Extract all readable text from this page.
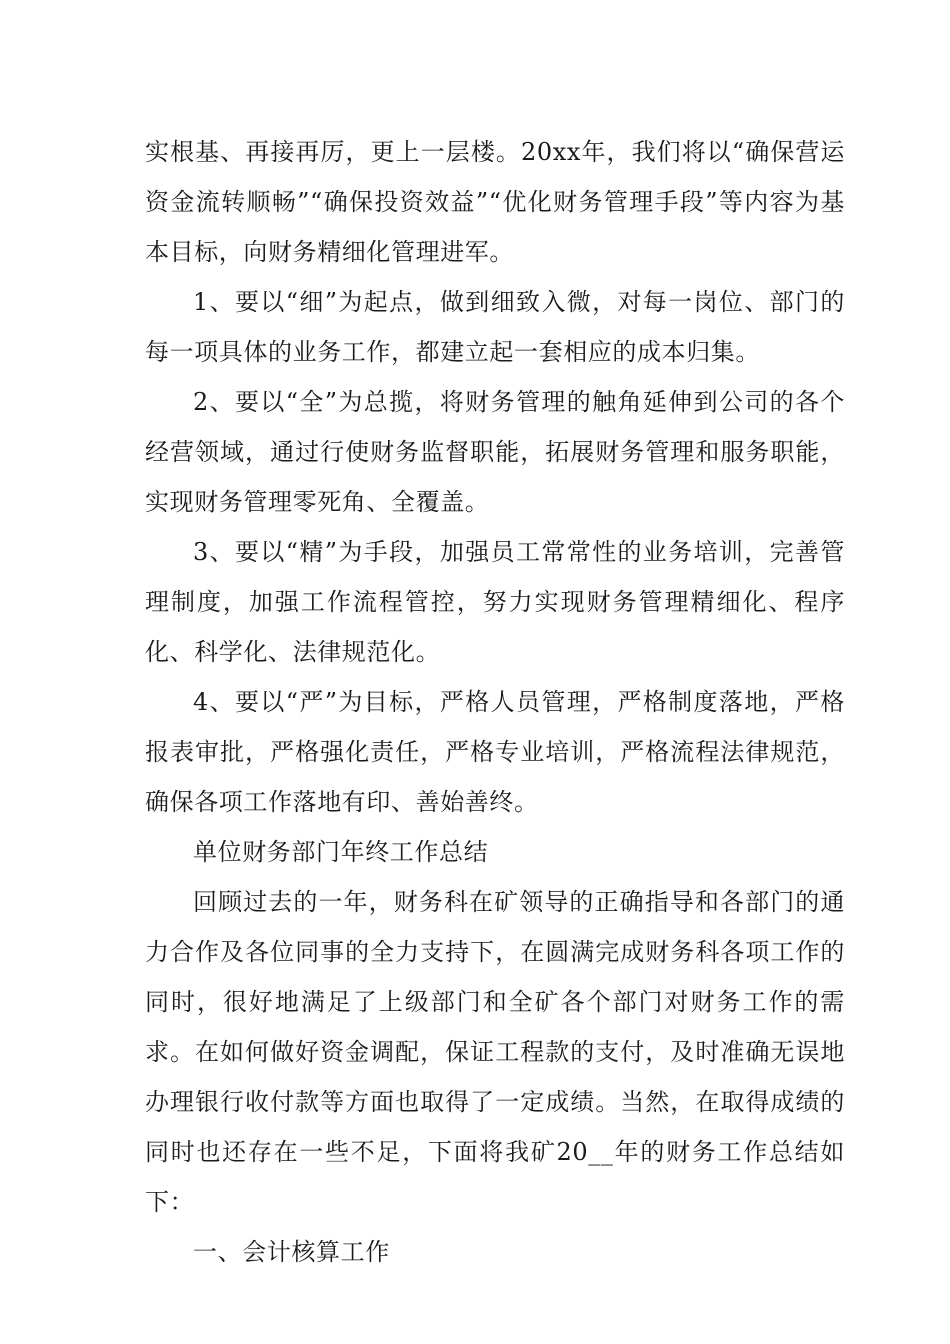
实根基、再接再厉，更上一层楼。20xx年，我们将以“确保营运资金流转顺畅”“确保投资效益”“优化财务管理手段”等内容为基本目标，向财务精细化管理进军。

1、要以“细”为起点，做到细致入微，对每一岗位、部门的每一项具体的业务工作，都建立起一套相应的成本归集。

2、要以“全”为总揽，将财务管理的触角延伸到公司的各个经营领域，通过行使财务监督职能，拓展财务管理和服务职能，实现财务管理零死角、全覆盖。

3、要以“精”为手段，加强员工常常性的业务培训，完善管理制度，加强工作流程管控，努力实现财务管理精细化、程序化、科学化、法律规范化。

4、要以“严”为目标，严格人员管理，严格制度落地，严格报表审批，严格强化责任，严格专业培训，严格流程法律规范，确保各项工作落地有印、善始善终。

单位财务部门年终工作总结

回顾过去的一年，财务科在矿领导的正确指导和各部门的通力合作及各位同事的全力支持下，在圆满完成财务科各项工作的同时，很好地满足了上级部门和全矿各个部门对财务工作的需求。在如何做好资金调配，保证工程款的支付，及时准确无误地办理银行收付款等方面也取得了一定成绩。当然，在取得成绩的同时也还存在一些不足，下面将我矿20__年的财务工作总结如下：

一、会计核算工作
